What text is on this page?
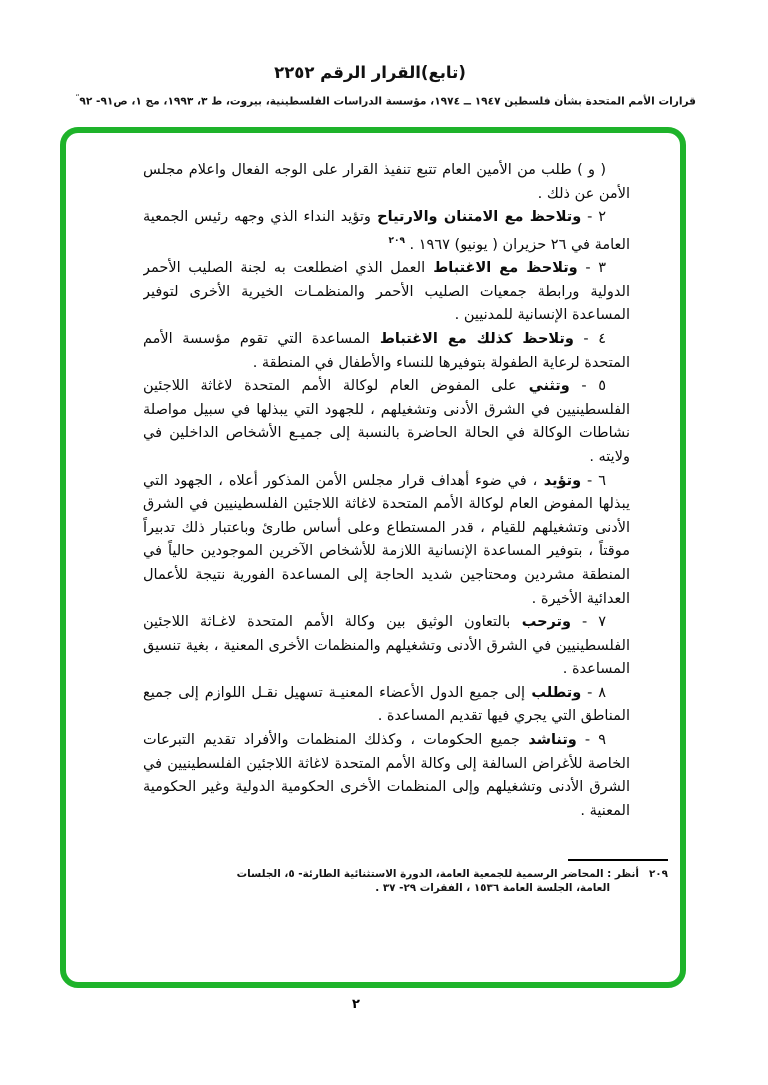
(تابع)القرار الرقم ٢٢٥٢
قرارات الأمم المتحدة بشأن فلسطين ١٩٤٧ ــ ١٩٧٤، مؤسسة الدراسات الفلسطينية، بيروت، ط ٣، ١٩٩٣، مج ١، ص٩١- $٩٢^ʺ$

( و ) طلب من الأمين العام تتبع تنفيذ القرار على الوجه الفعال واعلام مجلس الأمن عن ذلك .

٢ - وتلاحظ مع الامتنان والارتياح وتؤيد النداء الذي وجهه رئيس الجمعية العامة في ٢٦ حزيران ( يونيو) ١٩٦٧ . $^{٢٠٩}$

٣ - وتلاحظ مع الاغتباط العمل الذي اضطلعت به لجنة الصليب الأحمر الدولية ورابطة جمعيات الصليب الأحمر والمنظمـات الخيرية الأخرى لتوفير المساعدة الإنسانية للمدنيين .

٤ - وتلاحظ كذلك مع الاغتباط المساعدة التي تقوم مؤسسة الأمم المتحدة لرعاية الطفولة بتوفيرها للنساء والأطفال في المنطقة .

٥ - وتثني على المفوض العام لوكالة الأمم المتحدة لاغاثة اللاجئين الفلسطينيين في الشرق الأدنى وتشغيلهم ، للجهود التي يبذلها في سبيل مواصلة نشاطات الوكالة في الحالة الحاضرة بالنسبة إلى جميـع الأشخاص الداخلين في ولايته .

٦ - وتؤيد ، في ضوء أهداف قرار مجلس الأمن المذكور أعلاه ، الجهود التي يبذلها المفوض العام لوكالة الأمم المتحدة لاغاثة اللاجئين الفلسطينيين في الشرق الأدنى وتشغيلهم للقيام ، قدر المستطاع وعلى أساس طارئ وباعتبار ذلك تدبيراً موقتاً ، بتوفير المساعدة الإنسانية اللازمة للأشخاص الآخرين الموجودين حالياً في المنطقة مشردين ومحتاجين شديد الحاجة إلى المساعدة الفورية نتيجة للأعمال العدائية الأخيرة .

٧ - وترحب بالتعاون الوثيق بين وكالة الأمم المتحدة لاغـاثة اللاجئين الفلسطينيين في الشرق الأدنى وتشغيلهم والمنظمات الأخرى المعنية ، بغية تنسيق المساعدة .

٨ - وتطلب إلى جميع الدول الأعضاء المعنيـة تسهيل نقـل اللوازم إلى جميع المناطق التي يجري فيها تقديم المساعدة .

٩ - وتناشد جميع الحكومات ، وكذلك المنظمات والأفراد تقديم التبرعات الخاصة للأغراض السالفة إلى وكالة الأمم المتحدة لاغاثة اللاجئين الفلسطينيين في الشرق الأدنى وتشغيلهم وإلى المنظمات الأخرى الحكومية الدولية وغير الحكومية المعنية .

٢٠٩أنظر : المحاضر الرسمية للجمعية العامة، الدورة الاستثنائية الطارئة- ٥، الجلسات
العامة، الجلسة العامة ١٥٣٦ ، الفقرات ٢٩- ٣٧ .
٢
